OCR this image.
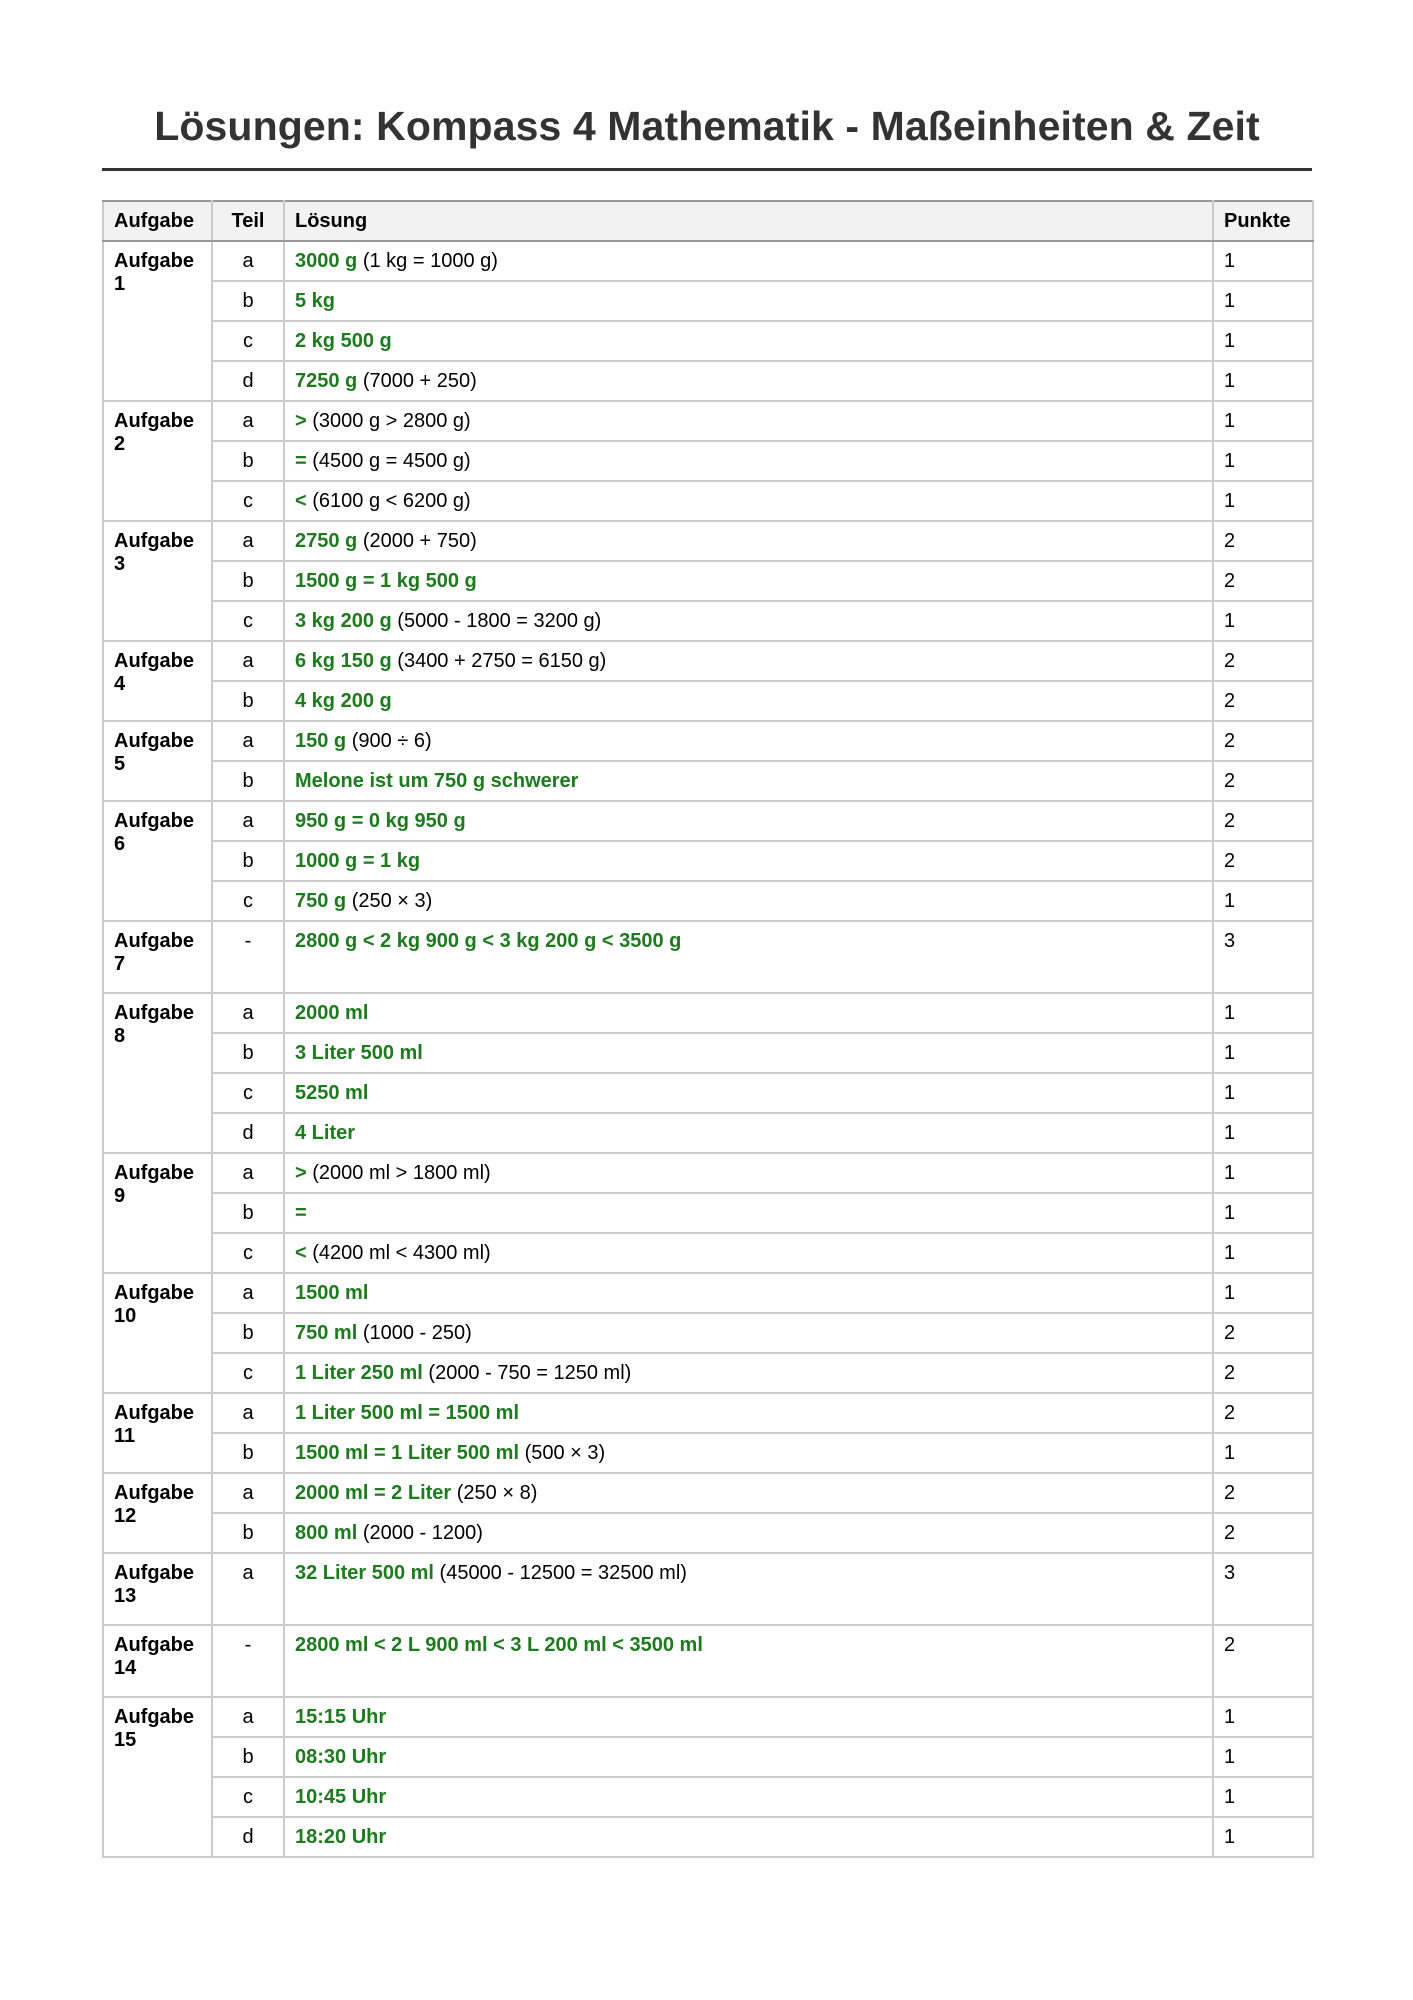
Lösungen: Kompass 4 Mathematik - Maßeinheiten & Zeit
Aufgabe	Teil	Lösung	Punkte
Aufgabe 1	a	3000 g (1 kg = 1000 g)	1
	b	5 kg	1
	c	2 kg 500 g	1
	d	7250 g (7000 + 250)	1
Aufgabe 2	a	> (3000 g > 2800 g)	1
	b	= (4500 g = 4500 g)	1
	c	< (6100 g < 6200 g)	1
Aufgabe 3	a	2750 g (2000 + 750)	2
	b	1500 g = 1 kg 500 g	2
	c	3 kg 200 g (5000 - 1800 = 3200 g)	1
Aufgabe 4	a	6 kg 150 g (3400 + 2750 = 6150 g)	2
	b	4 kg 200 g	2
Aufgabe 5	a	150 g (900 ÷ 6)	2
	b	Melone ist um 750 g schwerer	2
Aufgabe 6	a	950 g = 0 kg 950 g	2
	b	1000 g = 1 kg	2
	c	750 g (250 × 3)	1
Aufgabe 7	-	2800 g < 2 kg 900 g < 3 kg 200 g < 3500 g	3
Aufgabe 8	a	2000 ml	1
	b	3 Liter 500 ml	1
	c	5250 ml	1
	d	4 Liter	1
Aufgabe 9	a	> (2000 ml > 1800 ml)	1
	b	=	1
	c	< (4200 ml < 4300 ml)	1
Aufgabe 10	a	1500 ml	1
	b	750 ml (1000 - 250)	2
	c	1 Liter 250 ml (2000 - 750 = 1250 ml)	2
Aufgabe 11	a	1 Liter 500 ml = 1500 ml	2
	b	1500 ml = 1 Liter 500 ml (500 × 3)	1
Aufgabe 12	a	2000 ml = 2 Liter (250 × 8)	2
	b	800 ml (2000 - 1200)	2
Aufgabe 13	a	32 Liter 500 ml (45000 - 12500 = 32500 ml)	3
Aufgabe 14	-	2800 ml < 2 L 900 ml < 3 L 200 ml < 3500 ml	2
Aufgabe 15	a	15:15 Uhr	1
	b	08:30 Uhr	1
	c	10:45 Uhr	1
	d	18:20 Uhr	1
